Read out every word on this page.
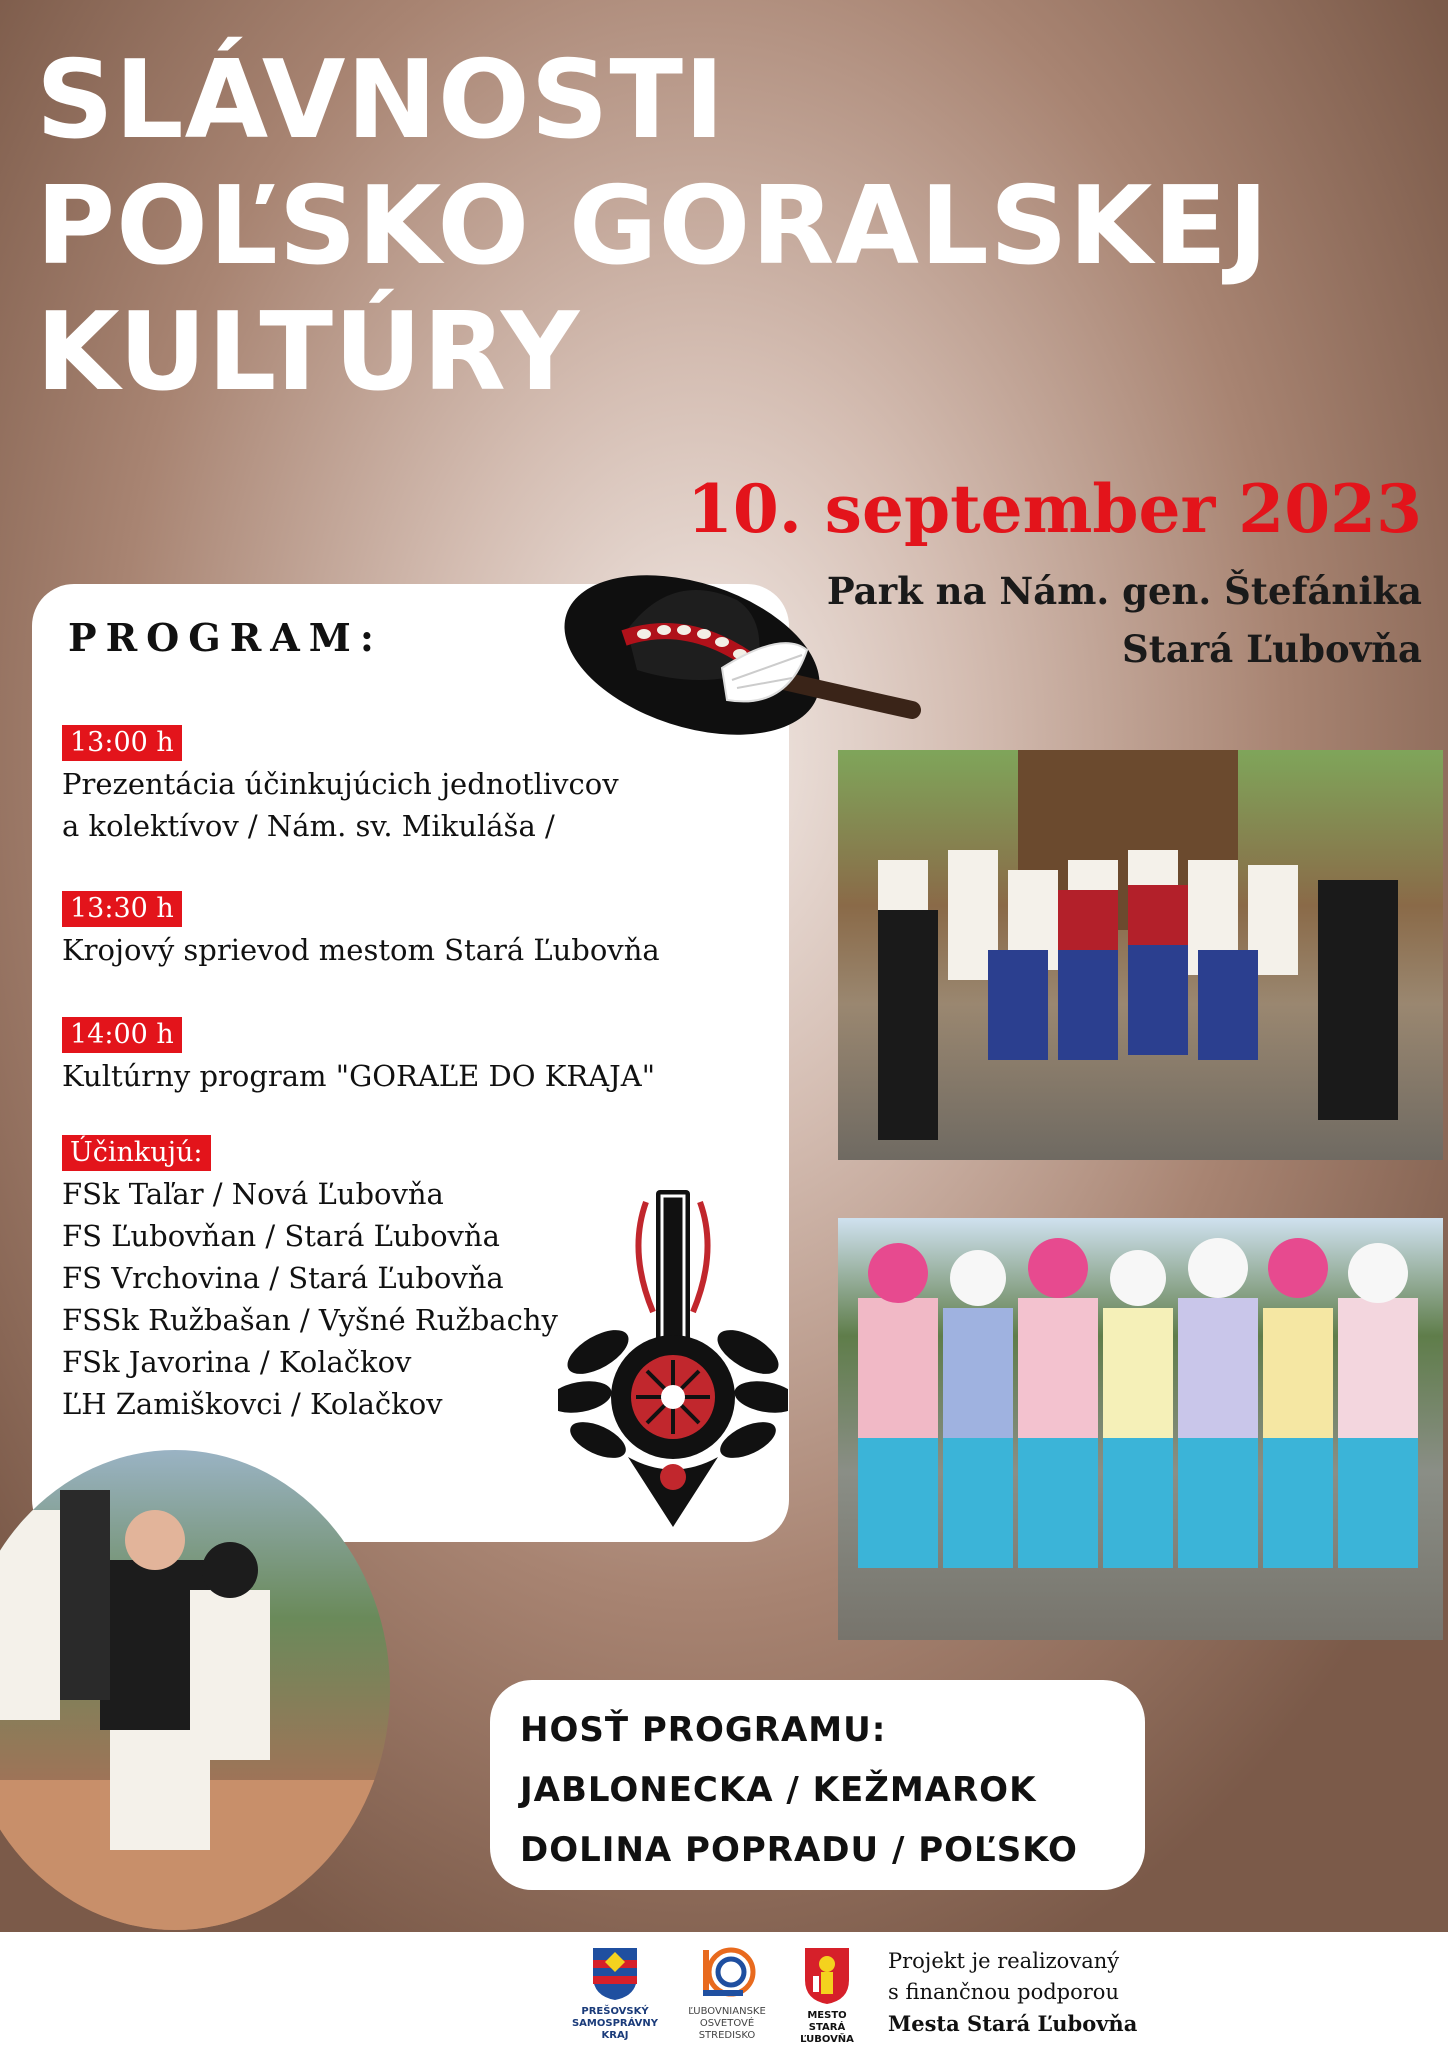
SLÁVNOSTI
POĽSKO GORALSKEJ
KULTÚRY
10. september 2023
Park na Nám. gen. Štefánika
Stará Ľubovňa
PROGRAM:
13:00 h
Prezentácia účinkujúcich jednotlivcov
a kolektívov / Nám. sv. Mikuláša /
13:30 h
Krojový sprievod mestom Stará Ľubovňa
14:00 h
Kultúrny program "GORAĽE DO KRAJA"
Účinkujú:
FSk Taľar / Nová Ľubovňa
FS Ľubovňan / Stará Ľubovňa
FS Vrchovina / Stará Ľubovňa
FSSk Ružbašan / Vyšné Ružbachy
FSk Javorina / Kolačkov
ĽH Zamiškovci / Kolačkov
HOSŤ PROGRAMU:
JABLONECKA / KEŽMAROK
DOLINA POPRADU / POĽSKO
PREŠOVSKÝ
SAMOSPRÁVNY
KRAJ
ĽUBOVNIANSKE
OSVETOVÉ
STREDISKO
MESTO
STARÁ ĽUBOVŇA
Projekt je realizovaný
s finančnou podporou
Mesta Stará Ľubovňa
